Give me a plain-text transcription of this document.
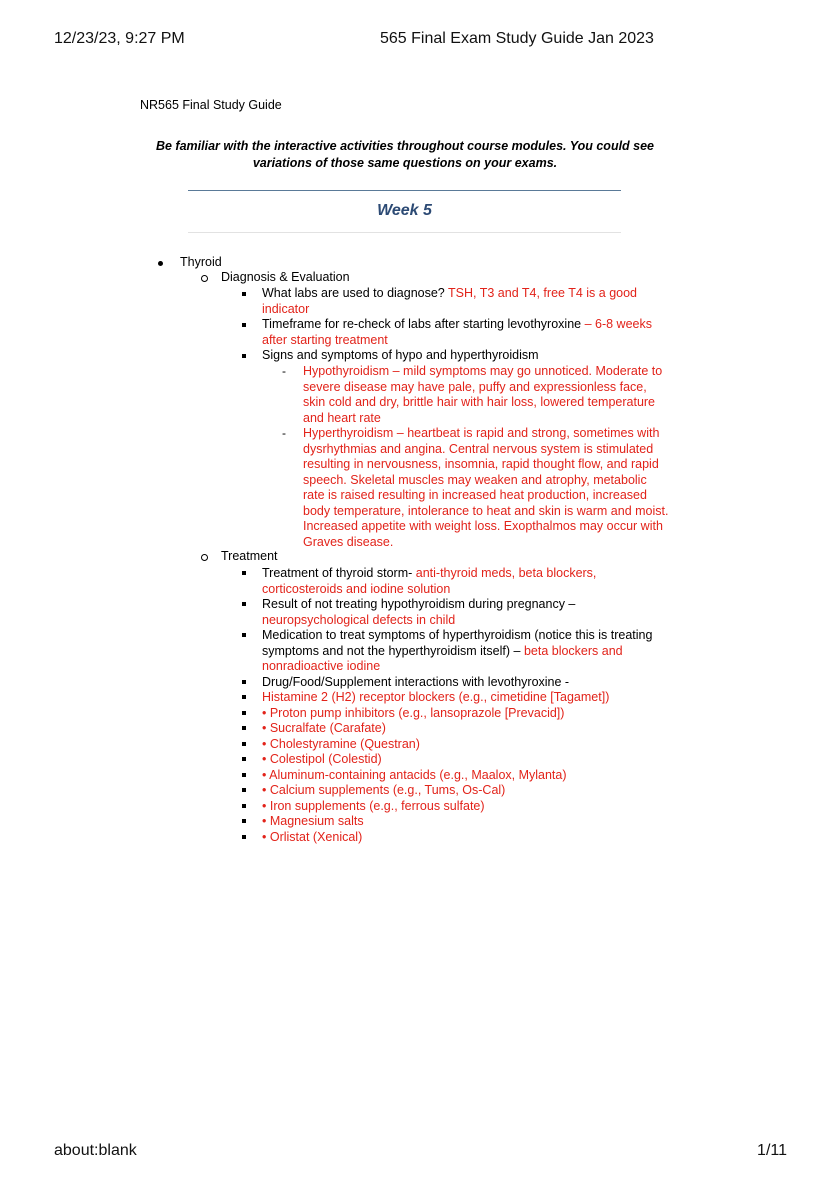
12/23/23, 9:27 PM	565 Final Exam Study Guide Jan 2023
about:blank	1/11
NR565 Final Study Guide
Be familiar with the interactive activities throughout course modules. You could see variations of those same questions on your exams.
Week 5
Thyroid
Diagnosis & Evaluation
What labs are used to diagnose? TSH, T3 and T4, free T4 is a good
indicator
Timeframe for re-check of labs after starting levothyroxine – 6-8 weeks
after starting treatment
Signs and symptoms of hypo and hyperthyroidism
- Hypothyroidism – mild symptoms may go unnoticed. Moderate to
severe disease may have pale, puffy and expressionless face,
skin cold and dry, brittle hair with hair loss, lowered temperature
and heart rate
- Hyperthyroidism – heartbeat is rapid and strong, sometimes with
dysrhythmias and angina. Central nervous system is stimulated
resulting in nervousness, insomnia, rapid thought flow, and rapid
speech. Skeletal muscles may weaken and atrophy, metabolic
rate is raised resulting in increased heat production, increased
body temperature, intolerance to heat and skin is warm and moist.
Increased appetite with weight loss. Exopthalmos may occur with
Graves disease.
Treatment
Treatment of thyroid storm- anti-thyroid meds, beta blockers,
corticosteroids and iodine solution
Result of not treating hypothyroidism during pregnancy –
neuropsychological defects in child
Medication to treat symptoms of hyperthyroidism (notice this is treating
symptoms and not the hyperthyroidism itself) – beta blockers and
nonradioactive iodine
Drug/Food/Supplement interactions with levothyroxine -
Histamine 2 (H2) receptor blockers (e.g., cimetidine [Tagamet])
• Proton pump inhibitors (e.g., lansoprazole [Prevacid])
• Sucralfate (Carafate)
• Cholestyramine (Questran)
• Colestipol (Colestid)
• Aluminum-containing antacids (e.g., Maalox, Mylanta)
• Calcium supplements (e.g., Tums, Os-Cal)
• Iron supplements (e.g., ferrous sulfate)
• Magnesium salts
• Orlistat (Xenical)
